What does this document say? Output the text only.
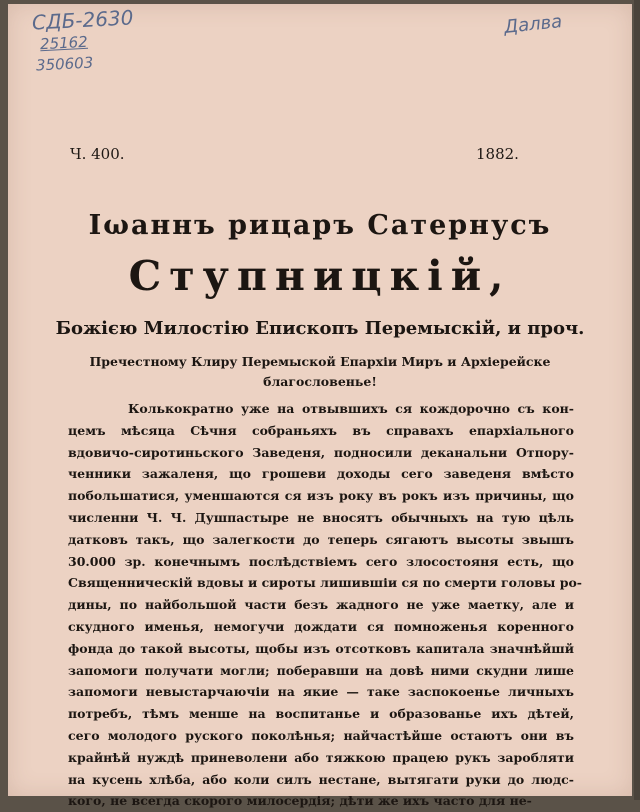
СДБ-2630
25162
350603
Далва
Ч. 400.	1882.
Іωаннъ рицаръ Сатернусъ
Ступницкій,
Божією Милостію Епископъ Перемыскій, и проч.
Пречестному Клиру Перемыской Епархіи Миръ и Архіерейске
благословенье!
Колькократно уже на отвывшихъ ся кождорочно съ кон-
цемъ мѣсяца Сѣчня собраньяхъ въ справахъ епархіального
вдовичо-сиротиньского Заведеня, подносили деканальни Отпору-
ченники зажаленя, що грошеви доходы сего заведеня вмѣсто
побольшатися, уменшаются ся изъ року въ рокъ изъ причины, що
численни Ч. Ч. Душпастыре не вносятъ обычныхъ на тую цѣль
датковъ такъ, що залегкости до теперь сягаютъ высоты звышъ
30.000 зр. конечнымъ послѣдствіемъ сего злосостояня есть, що
Священническій вдовы и сироты лишившіи ся по смерти головы ро-
дины, по найбольшой части безъ жадного не уже маетку, але и
скудного именья, немогучи дождати ся помноженья коренного
фонда до такой высоты, щобы изъ отсотковъ капитала значнѣйшй
запомоги получати могли; поберавши на довѣ ними скудни лише
запомоги невыстарчаючіи на якие — таке заспокоенье личныхъ
потребъ, тѣмъ менше на воспитанье и образованье ихъ дѣтей,
сего молодого руского поколѣнья; найчастѣйше остаютъ они въ
крайнѣй нуждѣ приневолени або тяжкою працею рукъ заробляти
на кусень хлѣба, або коли силъ нестане, вытягати руки до людс-
кого, не всегда скорого милосердія; дѣти же ихъ часто для не-
